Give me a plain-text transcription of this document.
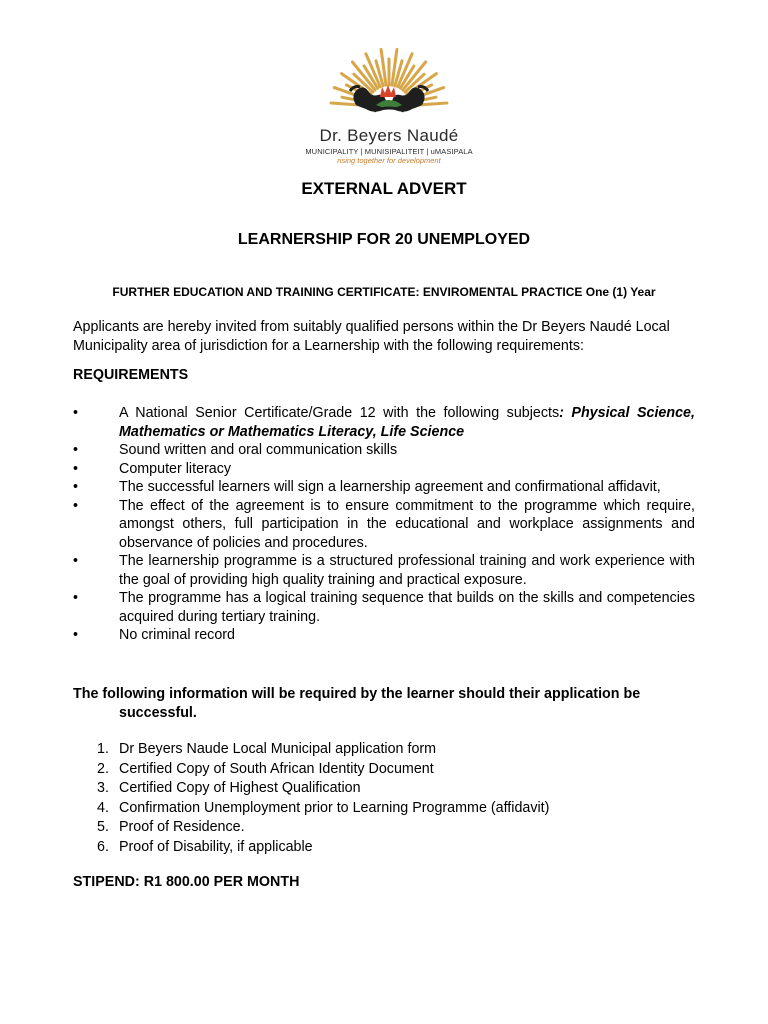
Dr. Beyers Naudé
MUNICIPALITY | MUNISIPALITEIT | uMASIPALA
rising together for development
EXTERNAL ADVERT
LEARNERSHIP FOR 20 UNEMPLOYED
FURTHER EDUCATION AND TRAINING CERTIFICATE: ENVIROMENTAL PRACTICE One (1) Year
Applicants are hereby invited from suitably qualified persons within the Dr Beyers Naudé Local Municipality area of jurisdiction for a Learnership with the following requirements:
REQUIREMENTS
•	A National Senior Certificate/Grade 12 with the following subjects: Physical Science, Mathematics or Mathematics Literacy, Life Science
•	Sound written and oral communication skills
•	Computer literacy
•	The successful learners will sign a learnership agreement and confirmational affidavit,
•	The effect of the agreement is to ensure commitment to the programme which require, amongst others, full participation in the educational and workplace assignments and observance of policies and procedures.
•	The learnership programme is a structured professional training and work experience with the goal of providing high quality training and practical exposure.
•	The programme has a logical training sequence that builds on the skills and competencies acquired during tertiary training.
•	No criminal record
The following information will be required by the learner should their application be
successful.
1. Dr Beyers Naude Local Municipal application form
2. Certified Copy of South African Identity Document
3. Certified Copy of Highest Qualification
4. Confirmation Unemployment prior to Learning Programme (affidavit)
5. Proof of Residence.
6. Proof of Disability, if applicable
STIPEND: R1 800.00 PER MONTH
